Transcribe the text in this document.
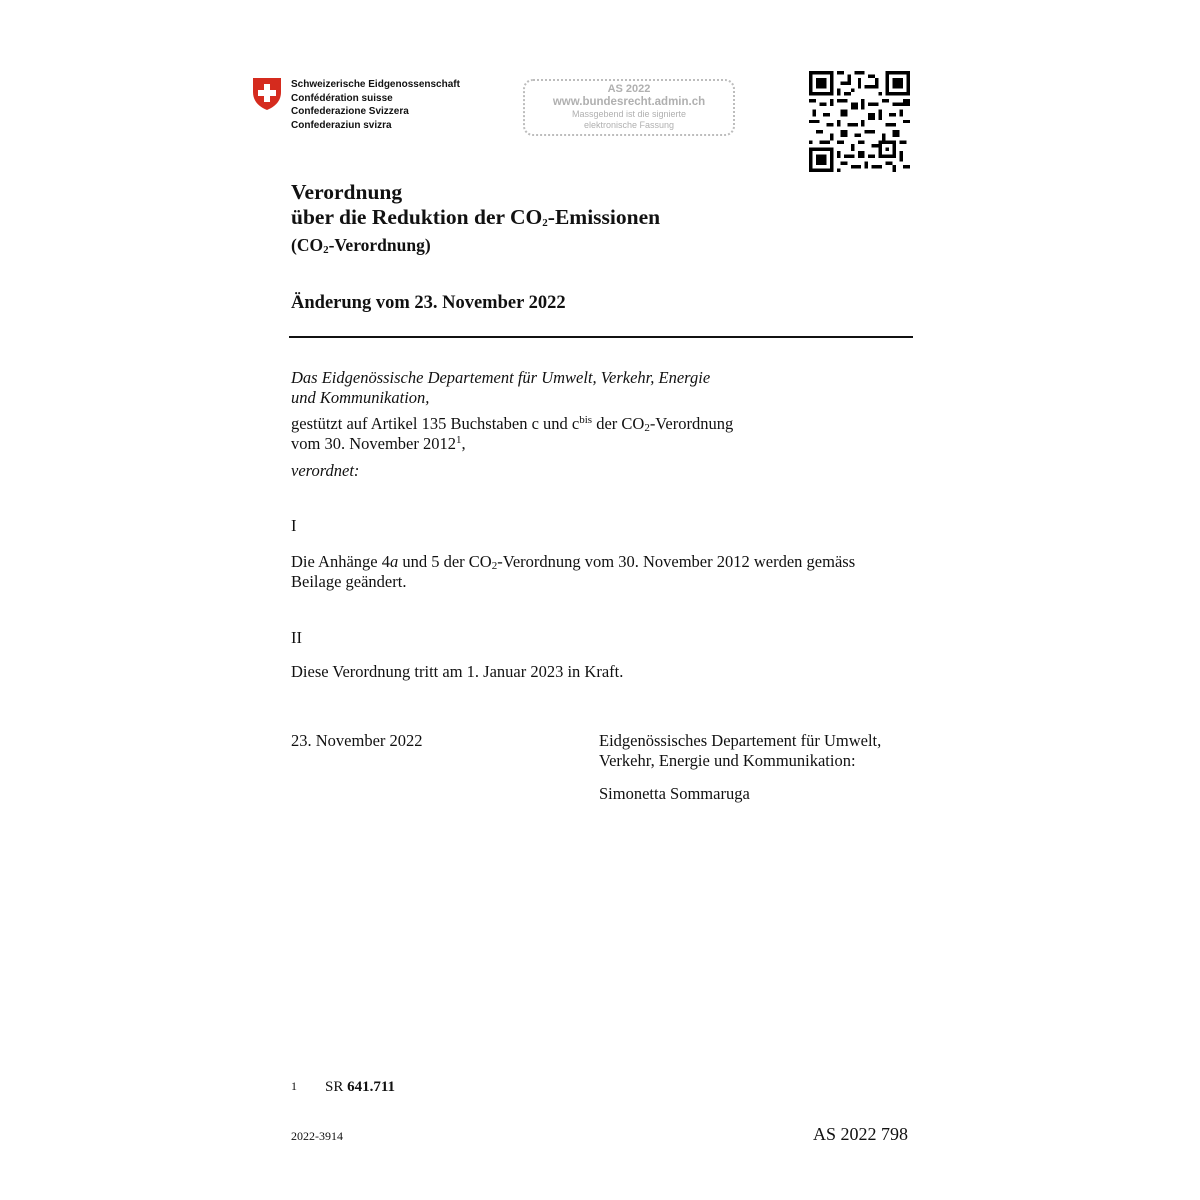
Schweizerische Eidgenossenschaft
Confédération suisse
Confederazione Svizzera
Confederaziun svizra
AS 2022
www.bundesrecht.admin.ch
Massgebend ist die signierte
elektronische Fassung
Verordnung
über die Reduktion der CO2-Emissionen
(CO2-Verordnung)
Änderung vom 23. November 2022
Das Eidgenössische Departement für Umwelt, Verkehr, Energie
und Kommunikation,
gestützt auf Artikel 135 Buchstaben c und $c^{bis}$ der CO2-Verordnung
vom 30. November 2012$^1$,
verordnet:
I
Die Anhänge 4a und 5 der CO2-Verordnung vom 30. November 2012 werden gemäss
Beilage geändert.
II
Diese Verordnung tritt am 1. Januar 2023 in Kraft.
23. November 2022	Eidgenössisches Departement für Umwelt,
Verkehr, Energie und Kommunikation:
Simonetta Sommaruga
1 SR 641.711
2022-3914	AS 2022 798
